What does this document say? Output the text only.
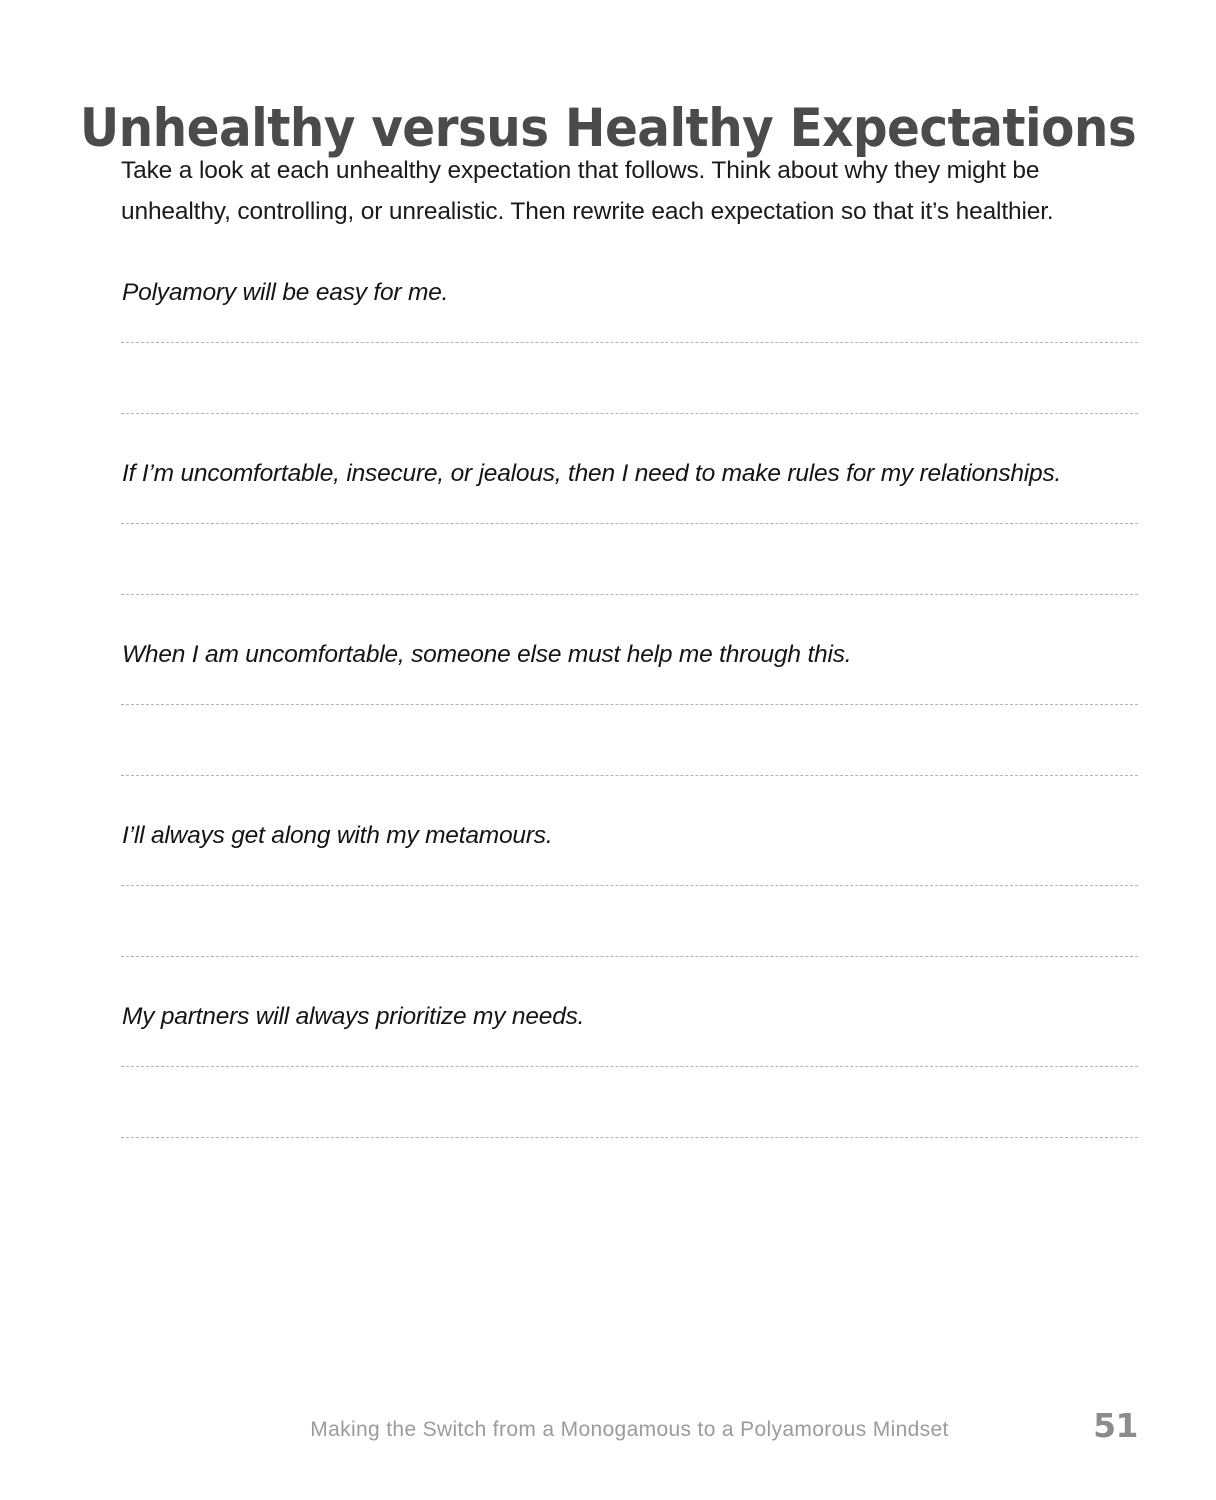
Unhealthy versus Healthy Expectations

Take a look at each unhealthy expectation that follows. Think about why they might be unhealthy, controlling, or unrealistic. Then rewrite each expectation so that it’s healthier.

Polyamory will be easy for me.
If I’m uncomfortable, insecure, or jealous, then I need to make rules for my relationships.
When I am uncomfortable, someone else must help me through this.
I’ll always get along with my metamours.
My partners will always prioritize my needs.
Making the Switch from a Monogamous to a Polyamorous Mindset	51
